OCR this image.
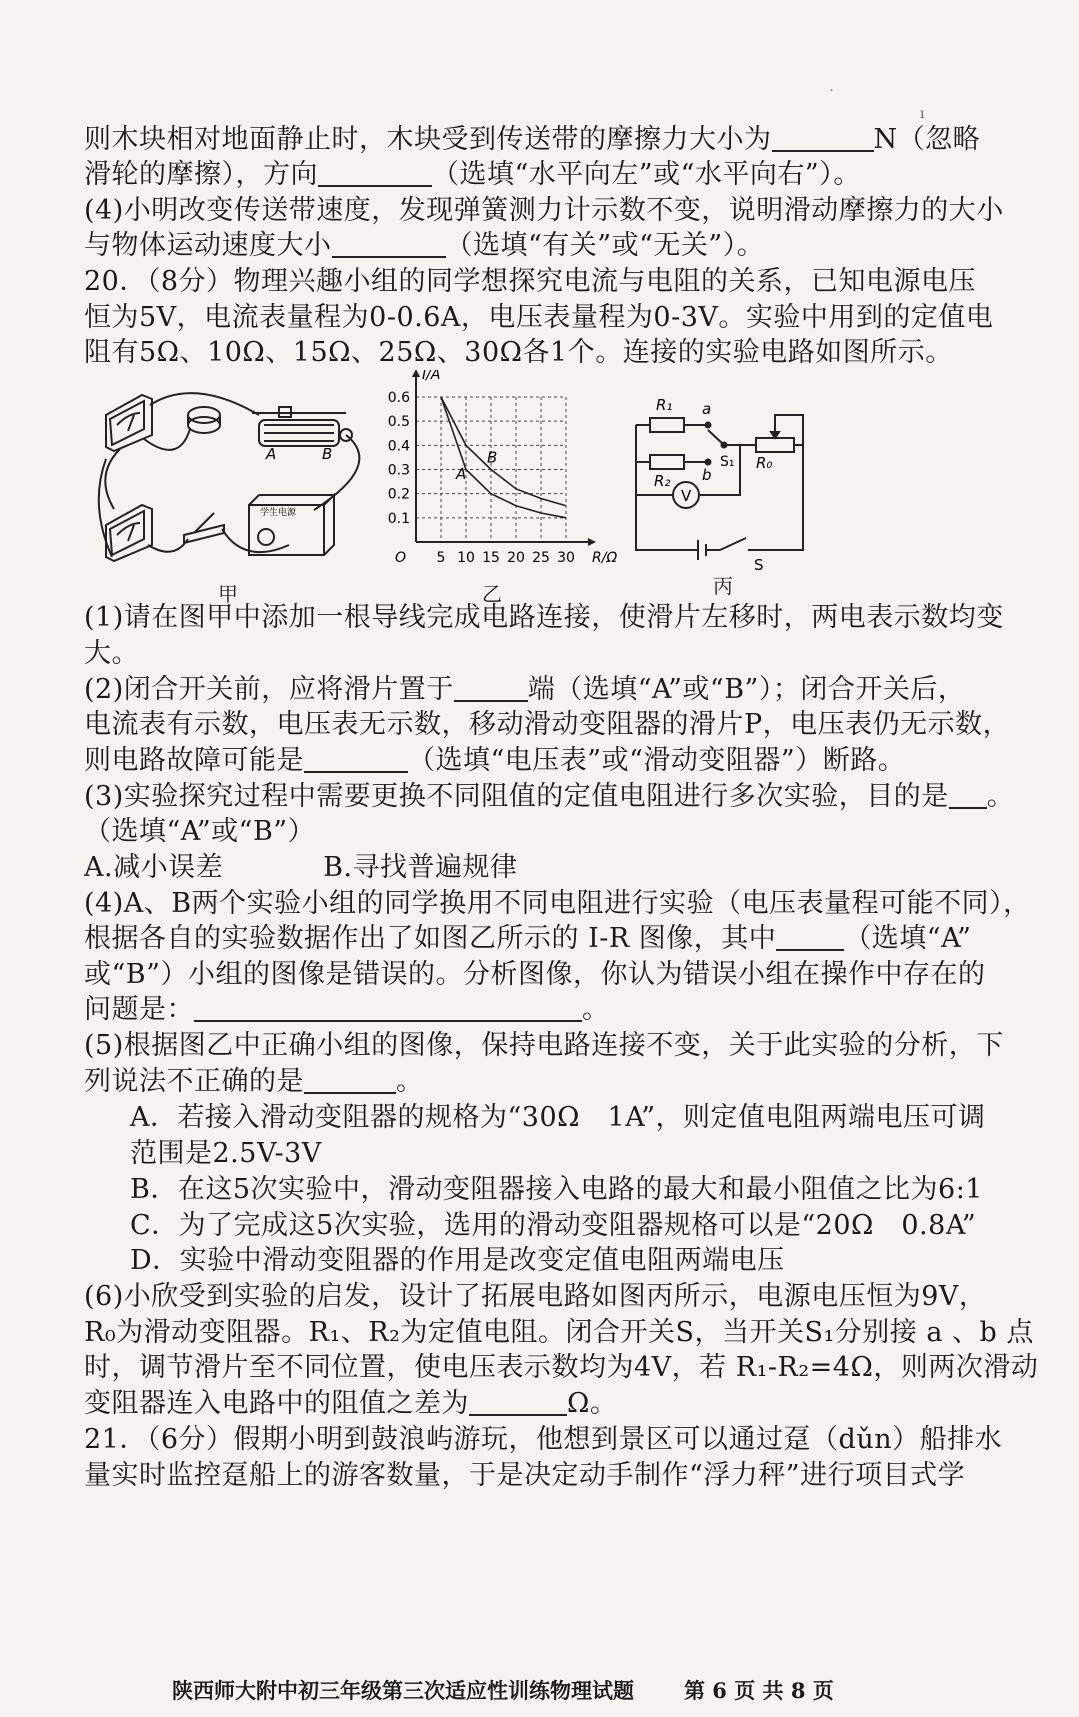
˙
ı
则木块相对地面静止时，木块受到传送带的摩擦力大小为	N（忽略
滑轮的摩擦），方向	（选填“水平向左”或“水平向右”）。
(4)小明改变传送带速度，发现弹簧测力计示数不变，说明滑动摩擦力的大小
与物体运动速度大小	（选填“有关”或“无关”）。
20．（8分）物理兴趣小组的同学想探究电流与电阻的关系，已知电源电压
恒为5V，电流表量程为0-0.6A，电压表量程为0-3V。实验中用到的定值电
阻有5Ω、10Ω、15Ω、25Ω、30Ω各1个。连接的实验电路如图所示。
A	B
学生电源
甲
5 10 15 20 25 30
0.1
0.2
0.3
0.4
0.5
0.6
O	R/Ω
I/A
A
B
乙
R₁ a
b
S₁
R₂
R₀
V
S
丙
(1)请在图甲中添加一根导线完成电路连接，使滑片左移时，两电表示数均变
大。
(2)闭合开关前，应将滑片置于	端（选填“A”或“B”）；闭合开关后，
电流表有示数，电压表无示数，移动滑动变阻器的滑片P，电压表仍无示数，
则电路故障可能是	（选填“电压表”或“滑动变阻器”）断路。
(3)实验探究过程中需要更换不同阻值的定值电阻进行多次实验，目的是 。
（选填“A”或“B”）
A.减小误差	B.寻找普遍规律
(4)A、B两个实验小组的同学换用不同电阻进行实验（电压表量程可能不同），
根据各自的实验数据作出了如图乙所示的 I-R 图像，其中	（选填“A”
或“B”）小组的图像是错误的。分析图像，你认为错误小组在操作中存在的
问题是：	。
(5)根据图乙中正确小组的图像，保持电路连接不变，关于此实验的分析，下
列说法不正确的是	。
A．若接入滑动变阻器的规格为“30Ω　1A”，则定值电阻两端电压可调
范围是2.5V-3V
B．在这5次实验中，滑动变阻器接入电路的最大和最小阻值之比为6:1
C．为了完成这5次实验，选用的滑动变阻器规格可以是“20Ω　0.8A”
D．实验中滑动变阻器的作用是改变定值电阻两端电压
(6)小欣受到实验的启发，设计了拓展电路如图丙所示，电源电压恒为9V，
R₀为滑动变阻器。R₁、R₂为定值电阻。闭合开关S，当开关S₁分别接 a 、b 点
时，调节滑片至不同位置，使电压表示数均为4V，若 R₁-R₂=4Ω，则两次滑动
变阻器连入电路中的阻值之差为	Ω。
21．（6分）假期小明到鼓浪屿游玩，他想到景区可以通过趸（dǔn）船排水
量实时监控趸船上的游客数量，于是决定动手制作“浮力秤”进行项目式学
陕西师大附中初三年级第三次适应性训练物理试题 第 6 页 共 8 页
